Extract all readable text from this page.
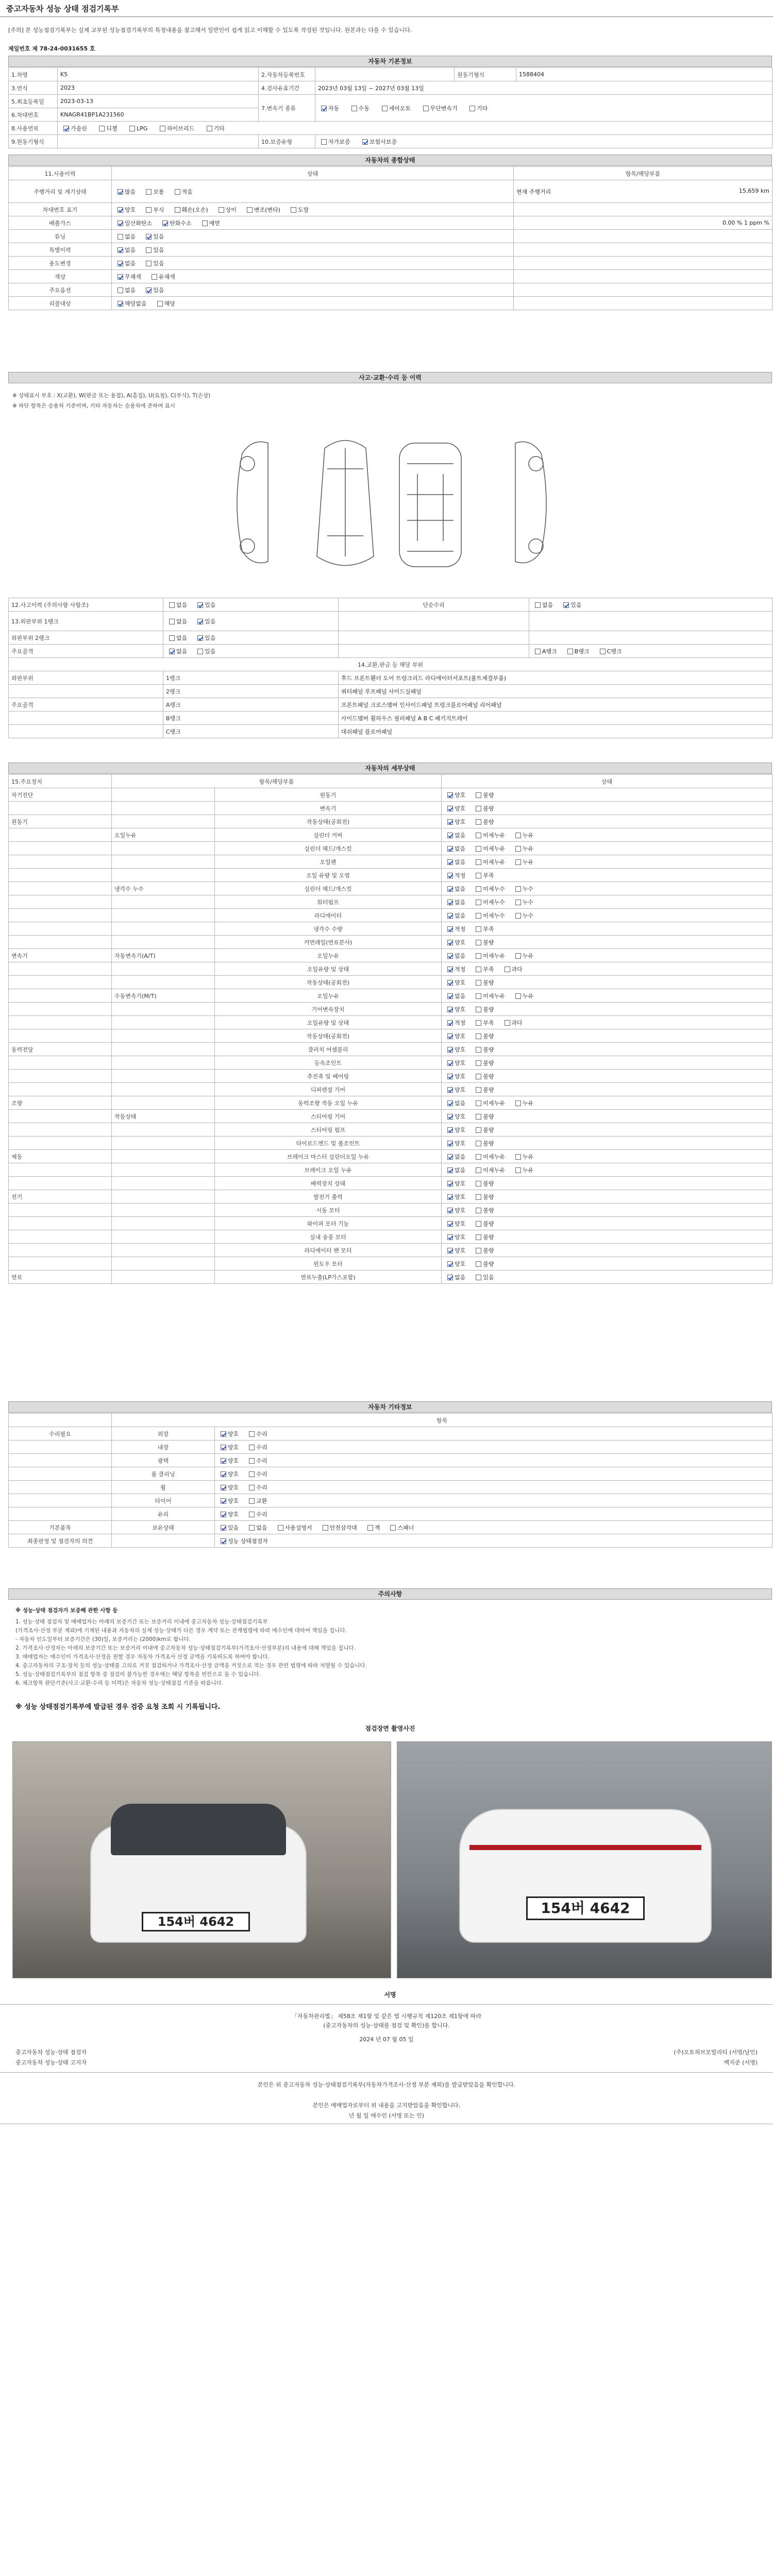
중고자동차 성능 상태 점검기록부
[주의] 본 성능점검기록부는 실제 교부된 성능점검기록부의 특정내용을 참고해서 일반인이 쉽게 읽고 이해할 수 있도록 작성된 것입니다. 원본과는 다를 수 있습니다.
제일번호 제 78-24-0031655 호
자동차 기본정보
1.차명	K5	2.자동차등록번호		원동기형식	1588404
3.연식	2023	4.검사유효기간	2023년 03월 13일 ~ 2027년 03월 13일		
5.최초등록일	2023-03-13	7.변속기 종류	자동 수동 세미오토 무단변속기 기타		
6.차대번호	KNAGR41BP1A231560				
8.사용연료	가솔린 디젤 LPG 하이브리드 기타				
9.원동기형식		10.보증유형	자가보증 보험사보증		
자동차의 종합상태
11.사용이력	상태	항목/해당부품
주행거리 및 계기상태	많음 보통 적음	현재 주행거리 15,659 km

차대번호 표기	양호 부식 훼손(오손) 상이 변조(변타) 도말	
배출가스	일산화탄소 탄화수소 매연	0.00 % 1 ppm %
튜닝	없음 있음	
특별이력	없음 있음	
용도변경	없음 있음	
색상	무채색 유채색	
주요옵션	없음 있음	
리콜대상	해당없음 해당	
사고·교환·수리 등 이력
※ 상태표시 부호 : X(교환), W(판금 또는 용접), A(흠집), U(요철), C(부식), T(손상)
※ 하단 항목은 승용차 기준이며, 기타 자동차는 승용차에 준하여 표시
12.사고이력 (주의사항 사항조)	없음 있음	단순수리	없음 있음
13.외판부위 1랭크	없음 있음		
외판부위 2랭크	없음 있음		
주요골격	없음 있음		A랭크 B랭크 C랭크
14.교환,판금 등 해당 부위			
외판부위	1랭크	후드 프론트휀더 도어 트렁크리드 라디에이터서포트(볼트체결부품)	
	2랭크	쿼터패널 루프패널 사이드실패널	
주요골격	A랭크	프론트패널 크로스멤버 인사이드패널 트렁크플로어패널 리어패널	
	B랭크	사이드멤버 휠하우스 필러패널 A B C 패키지트레이	
	C랭크	대쉬패널 플로어패널	
자동차의 세부상태
15.주요장치	항목/해당부품		상태
자기진단		원동기	양호 불량
		변속기	양호 불량
원동기		작동상태(공회전)	양호 불량
	오일누유	실린더 커버	없음 미세누유 누유
		실린더 헤드/개스킷	없음 미세누유 누유
		오일팬	없음 미세누유 누유
		오일 유량 및 오염	적정 부족
	냉각수 누수	실린더 헤드/개스킷	없음 미세누수 누수
		워터펌프	없음 미세누수 누수
		라디에이터	없음 미세누수 누수
		냉각수 수량	적정 부족
		커먼레일(연료분사)	양호 불량
변속기	자동변속기(A/T)	오일누유	없음 미세누유 누유
		오일유량 및 상태	적정 부족 과다
		작동상태(공회전)	양호 불량
	수동변속기(M/T)	오일누유	없음 미세누유 누유
		기어변속장치	양호 불량
		오일유량 및 상태	적정 부족 과다
		작동상태(공회전)	양호 불량
동력전달		클러치 어셈블리	양호 불량
		등속조인트	양호 불량
		추진축 및 베어링	양호 불량
		디퍼렌셜 기어	양호 불량
조향		동력조향 작동 오일 누유	없음 미세누유 누유
	작동상태	스티어링 기어	양호 불량
		스티어링 펌프	양호 불량
		타이로드엔드 및 볼조인트	양호 불량
제동		브레이크 마스터 실린더오일 누유	없음 미세누유 누유
		브레이크 오일 누유	없음 미세누유 누유
		배력장치 상태	양호 불량
전기		발전기 출력	양호 불량
		시동 모터	양호 불량
		와이퍼 모터 기능	양호 불량
		실내 송풍 모터	양호 불량
		라디에이터 팬 모터	양호 불량
		윈도우 모터	양호 불량
연료		연료누출(LP가스포함)	없음 있음
자동차 기타정보
	항목	
수리필요	외장	양호 수리
	내장	양호 수리
	광택	양호 수리
	룸 클리닝	양호 수리
	휠	양호 수리
	타이어	양호 교환
	유리	양호 수리
기본품목	보유상태	있음 없음 사용설명서 안전삼각대 잭 스패너
최종판정 및 점검자의 의견		성능 상태점검자
주의사항
※ 성능·상태 점검자가 보증해 관한 사항 등
1. 성능·상태 점검자 및 매매업자는 아래의 보증기간 또는 보증거리 이내에 중고자동차 성능·상태점검기록부
(가격조사·산정 부분 제외)에 기재된 내용과 자동차의 실제 성능·상태가 다른 경우 계약 또는 관계법령에 따라 매수인에 대하여 책임을 집니다.
- 자동차 인도일부터 보증기간은 (30)일, 보증거리는 (2000)km로 합니다.
2. 가격조사·산정자는 아래의 보증기간 또는 보증거리 이내에 중고자동차 성능·상태점검기록부(가격조사·산정부분)의 내용에 대해 책임을 집니다.
3. 매매업자는 매수인이 가격조사·산정을 원할 경우 자동차 가격조사 산정 금액을 기록하도록 하여야 합니다.
4. 중고자동차의 구조·장치 등의 성능·상태를 고의로 거짓 점검하거나 가격조사·산정 금액을 거짓으로 적는 경우 관련 법령에 따라 처벌될 수 있습니다.
5. 성능·상태점검기록부의 점검 항목 중 점검이 불가능한 경우에는 해당 항목을 빈칸으로 둘 수 있습니다.
6. 체크항목 판단기준(사고·교환·수리 등 이력)은 자동차 성능·상태점검 기준을 따릅니다.
※ 성능 상태점검기록부에 발급된 경우 검증 요청 조회 시 기록됩니다.
점검장면 촬영사진
154버 4642
154버 4642
서명
「자동차관리법」 제58조 제1항 및 같은 법 시행규칙 제120조 제1항에 따라
(중고자동차의 성능·상태를 점검 및 확인)를 합니다.
2024 년 07 월 05 일
중고자동차 성능·상태 점검자	(주)오토허브모빌리티 (서명/날인)
중고자동차 성능·상태 고지자	백지준 (서명)
본인은 위 중고자동차 성능·상태점검기록부(자동차가격조사·산정 부분 제외)를 발급받았음을 확인합니다.
본인은 매매업자로부터 위 내용을 고지받았음을 확인합니다.
년 월 일 매수인 (서명 또는 인)
